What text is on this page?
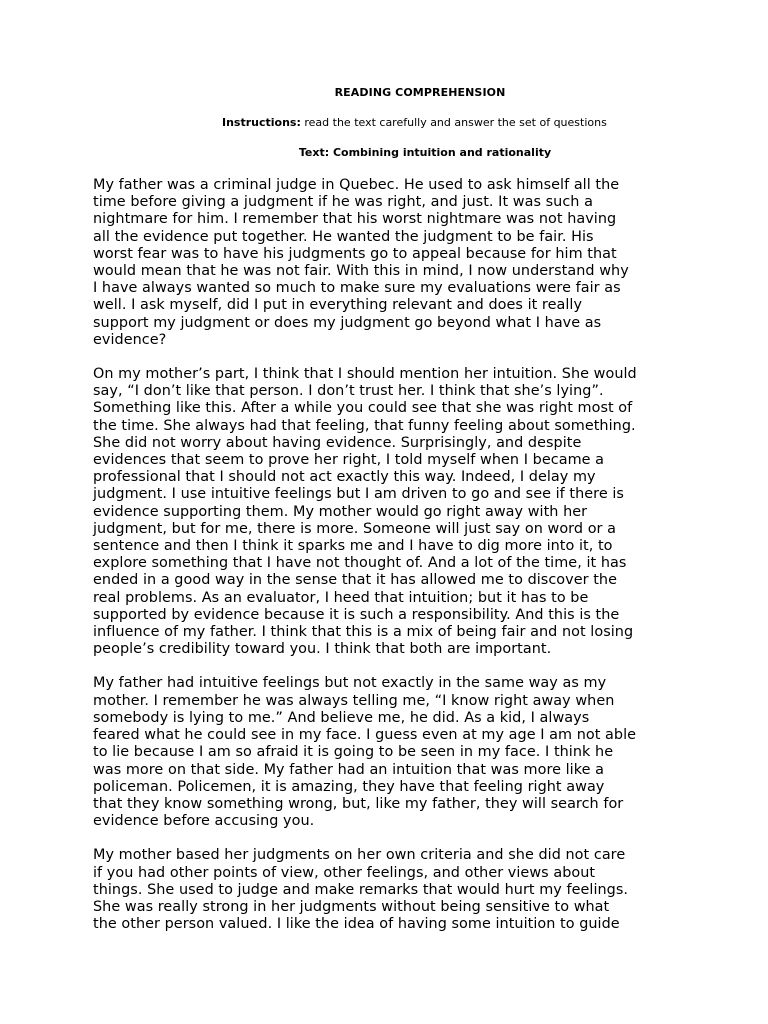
READING COMPREHENSION
Instructions: read the text carefully and answer the set of questions
Text: Combining intuition and rationality

My father was a criminal judge in Quebec. He used to ask himself all the
time before giving a judgment if he was right, and just. It was such a
nightmare for him. I remember that his worst nightmare was not having
all the evidence put together. He wanted the judgment to be fair. His
worst fear was to have his judgments go to appeal because for him that
would mean that he was not fair. With this in mind, I now understand why
I have always wanted so much to make sure my evaluations were fair as
well. I ask myself, did I put in everything relevant and does it really
support my judgment or does my judgment go beyond what I have as
evidence?

On my mother’s part, I think that I should mention her intuition. She would
say, “I don’t like that person. I don’t trust her. I think that she’s lying”.
Something like this. After a while you could see that she was right most of
the time. She always had that feeling, that funny feeling about something.
She did not worry about having evidence. Surprisingly, and despite
evidences that seem to prove her right, I told myself when I became a
professional that I should not act exactly this way. Indeed, I delay my
judgment. I use intuitive feelings but I am driven to go and see if there is
evidence supporting them. My mother would go right away with her
judgment, but for me, there is more. Someone will just say on word or a
sentence and then I think it sparks me and I have to dig more into it, to
explore something that I have not thought of. And a lot of the time, it has
ended in a good way in the sense that it has allowed me to discover the
real problems. As an evaluator, I heed that intuition; but it has to be
supported by evidence because it is such a responsibility. And this is the
influence of my father. I think that this is a mix of being fair and not losing
people’s credibility toward you. I think that both are important.

My father had intuitive feelings but not exactly in the same way as my
mother. I remember he was always telling me, “I know right away when
somebody is lying to me.” And believe me, he did. As a kid, I always
feared what he could see in my face. I guess even at my age I am not able
to lie because I am so afraid it is going to be seen in my face. I think he
was more on that side. My father had an intuition that was more like a
policeman. Policemen, it is amazing, they have that feeling right away
that they know something wrong, but, like my father, they will search for
evidence before accusing you.

My mother based her judgments on her own criteria and she did not care
if you had other points of view, other feelings, and other views about
things. She used to judge and make remarks that would hurt my feelings.
She was really strong in her judgments without being sensitive to what
the other person valued. I like the idea of having some intuition to guide
